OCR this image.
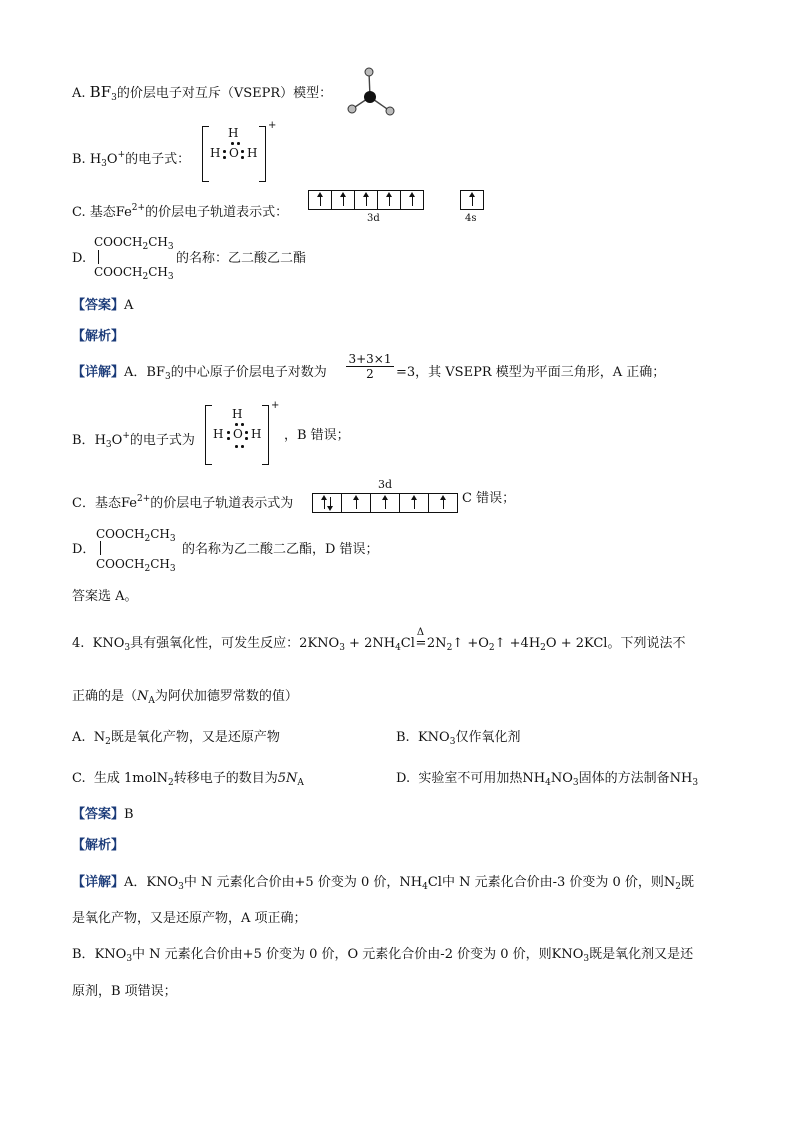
A. $BF_3$的价层电子对互斥（VSEPR）模型：
B. $H_3O^+$的电子式：
H
H O H
+
C. 基态$Fe^{2+}$的价层电子轨道表示式：	3d	4s
D.
$COOCH_2CH_3$
$COOCH_2CH_3$
的名称：乙二酸乙二酯
【答案】A
【解析】
【详解】A．$BF_3$的中心原子价层电子对数为 $\frac{3+3\times 1}{2} =3$，其 VSEPR 模型为平面三角形，A 正确；
B．$H_3O^+$的电子式为
H
H O H
+
，B 错误；
C．基态$Fe^{2+}$的价层电子轨道表示式为
3d
C 错误；
D．
$COOCH_2CH_3$
$COOCH_2CH_3$
的名称为乙二酸二乙酯，D 错误；
答案选 A。
4. $KNO_3$具有强氧化性，可发生反应：$2KNO_3 + 2NH_4Cl$
Δ
$=2N_2↑$ $+O_2↑ +4H_2O + 2KCl$。下列说法不
正确的是（$N_A$为阿伏加德罗常数的值）
A. $N_2$既是氧化产物，又是还原产物	B. $KNO_3$仅作氧化剂
C. 生成 1molN$_2$转移电子的数目为$5N_A$	D. 实验室不可用加热$NH_4NO_3$固体的方法制备$NH_3$
【答案】B
【解析】
【详解】A．$KNO_3$中 N 元素化合价由+5 价变为 0 价，$NH_4Cl$中 N 元素化合价由-3 价变为 0 价，则$N_2$既
是氧化产物，又是还原产物，A 项正确；
B．$KNO_3$中 N 元素化合价由+5 价变为 0 价，O 元素化合价由-2 价变为 0 价，则$KNO_3$既是氧化剂又是还
原剂，B 项错误；
